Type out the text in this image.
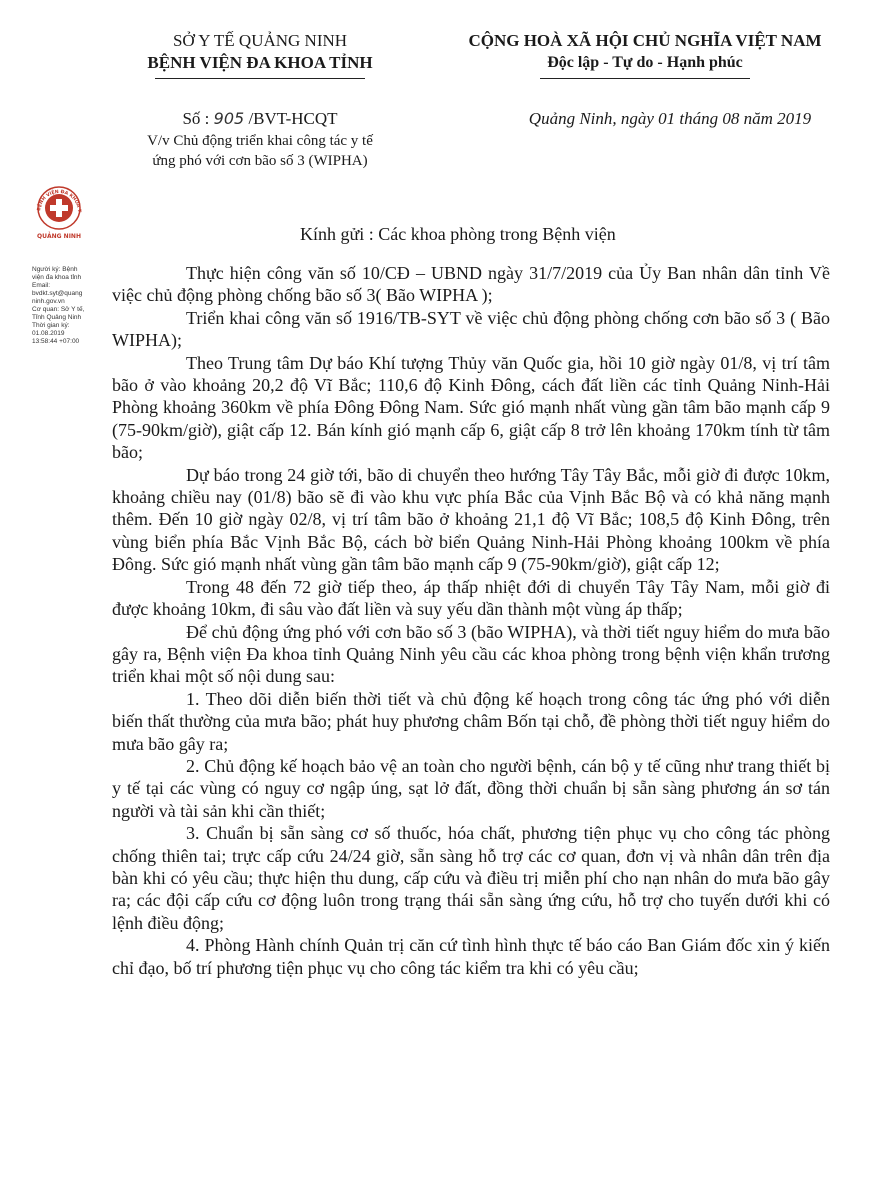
SỞ Y TẾ QUẢNG NINH
BỆNH VIỆN ĐA KHOA TỈNH
CỘNG HOÀ XÃ HỘI CHỦ NGHĨA VIỆT NAM
Độc lập - Tự do - Hạnh phúc
Số : 905 /BVT-HCQT
V/v Chủ động triển khai công tác y tế
ứng phó với cơn bão số 3 (WIPHA)
Quảng Ninh, ngày 01 tháng 08 năm 2019
BỆNH VIỆN ĐA KHOA T
QUẢNG NINH
Người ký: Bệnh
viện đa khoa tỉnh
Email:
bvdkt.syt@quang
ninh.gov.vn
Cơ quan: Sở Y tế,
Tỉnh Quảng Ninh
Thời gian ký:
01.08.2019
13:58:44 +07:00
Kính gửi : Các khoa phòng trong Bệnh viện

Thực hiện công văn số 10/CĐ – UBND ngày 31/7/2019 của Ủy Ban nhân dân tỉnh Về việc chủ động phòng chống bão số 3( Bão WIPHA );

Triển khai công văn số 1916/TB-SYT về việc chủ động phòng chống cơn bão số 3 ( Bão WIPHA);

Theo Trung tâm Dự báo Khí tượng Thủy văn Quốc gia, hồi 10 giờ ngày 01/8, vị trí tâm bão ở vào khoảng 20,2 độ Vĩ Bắc; 110,6 độ Kinh Đông, cách đất liền các tỉnh Quảng Ninh-Hải Phòng khoảng 360km về phía Đông Đông Nam. Sức gió mạnh nhất vùng gần tâm bão mạnh cấp 9 (75-90km/giờ), giật cấp 12. Bán kính gió mạnh cấp 6, giật cấp 8 trở lên khoảng 170km tính từ tâm bão;

Dự báo trong 24 giờ tới, bão di chuyển theo hướng Tây Tây Bắc, mỗi giờ đi được 10km, khoảng chiều nay (01/8) bão sẽ đi vào khu vực phía Bắc của Vịnh Bắc Bộ và có khả năng mạnh thêm. Đến 10 giờ ngày 02/8, vị trí tâm bão ở khoảng 21,1 độ Vĩ Bắc; 108,5 độ Kinh Đông, trên vùng biển phía Bắc Vịnh Bắc Bộ, cách bờ biển Quảng Ninh-Hải Phòng khoảng 100km về phía Đông. Sức gió mạnh nhất vùng gần tâm bão mạnh cấp 9 (75-90km/giờ), giật cấp 12;

Trong 48 đến 72 giờ tiếp theo, áp thấp nhiệt đới di chuyển Tây Tây Nam, mỗi giờ đi được khoảng 10km, đi sâu vào đất liền và suy yếu dần thành một vùng áp thấp;

Để chủ động ứng phó với cơn bão số 3 (bão WIPHA), và thời tiết nguy hiểm do mưa bão gây ra, Bệnh viện Đa khoa tỉnh Quảng Ninh yêu cầu các khoa phòng trong bệnh viện khẩn trương triển khai một số nội dung sau:

1. Theo dõi diễn biến thời tiết và chủ động kế hoạch trong công tác ứng phó với diễn biến thất thường của mưa bão; phát huy phương châm Bốn tại chỗ, đề phòng thời tiết nguy hiểm do mưa bão gây ra;

2. Chủ động kế hoạch bảo vệ an toàn cho người bệnh, cán bộ y tế cũng như trang thiết bị y tế tại các vùng có nguy cơ ngập úng, sạt lở đất, đồng thời chuẩn bị sẵn sàng phương án sơ tán người và tài sản khi cần thiết;

3. Chuẩn bị sẵn sàng cơ số thuốc, hóa chất, phương tiện phục vụ cho công tác phòng chống thiên tai; trực cấp cứu 24/24 giờ, sẵn sàng hỗ trợ các cơ quan, đơn vị và nhân dân trên địa bàn khi có yêu cầu; thực hiện thu dung, cấp cứu và điều trị miễn phí cho nạn nhân do mưa bão gây ra; các đội cấp cứu cơ động luôn trong trạng thái sẵn sàng ứng cứu, hỗ trợ cho tuyến dưới khi có lệnh điều động;

4. Phòng Hành chính Quản trị căn cứ tình hình thực tế báo cáo Ban Giám đốc xin ý kiến chỉ đạo, bố trí phương tiện phục vụ cho công tác kiểm tra khi có yêu cầu;
